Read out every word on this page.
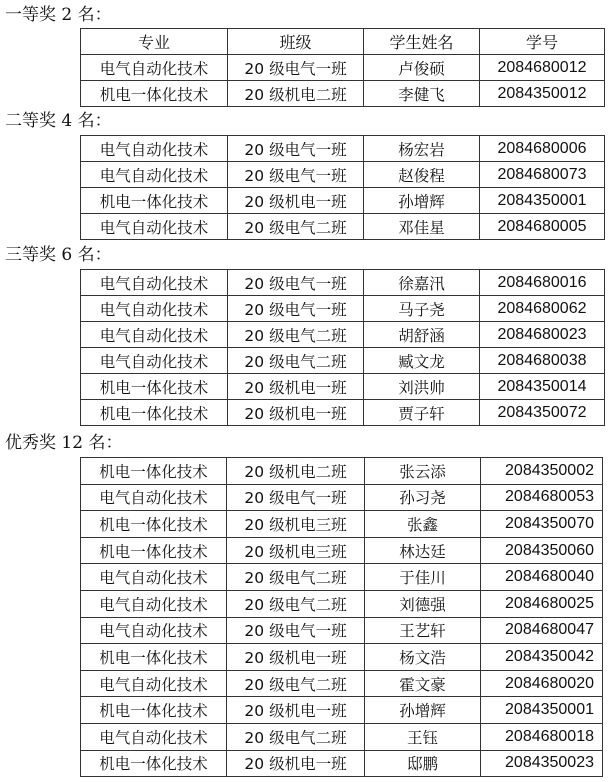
一等奖 2 名：
专业	班级	学生姓名	学号
电气自动化技术	20 级电气一班	卢俊硕	2084680012
机电一体化技术	20 级机电二班	李健飞	2084350012
二等奖 4 名：
电气自动化技术	20 级电气一班	杨宏岩	2084680006
电气自动化技术	20 级电气一班	赵俊程	2084680073
机电一体化技术	20 级机电一班	孙增辉	2084350001
电气自动化技术	20 级电气二班	邓佳星	2084680005
三等奖 6 名：
电气自动化技术	20 级电气一班	徐嘉汛	2084680016
电气自动化技术	20 级电气一班	马子尧	2084680062
电气自动化技术	20 级电气二班	胡舒涵	2084680023
电气自动化技术	20 级电气二班	臧文龙	2084680038
机电一体化技术	20 级机电一班	刘洪帅	2084350014
机电一体化技术	20 级机电一班	贾子轩	2084350072
优秀奖 12 名：
机电一体化技术	20 级机电二班	张云添	2084350002
电气自动化技术	20 级电气一班	孙习尧	2084680053
机电一体化技术	20 级机电三班	张鑫	2084350070
机电一体化技术	20 级机电三班	林达廷	2084350060
电气自动化技术	20 级电气二班	于佳川	2084680040
电气自动化技术	20 级电气二班	刘德强	2084680025
电气自动化技术	20 级电气一班	王艺轩	2084680047
机电一体化技术	20 级机电一班	杨文浩	2084350042
电气自动化技术	20 级电气二班	霍文豪	2084680020
机电一体化技术	20 级机电一班	孙增辉	2084350001
电气自动化技术	20 级电气二班	王钰	2084680018
机电一体化技术	20 级机电一班	邸鹏	2084350023
